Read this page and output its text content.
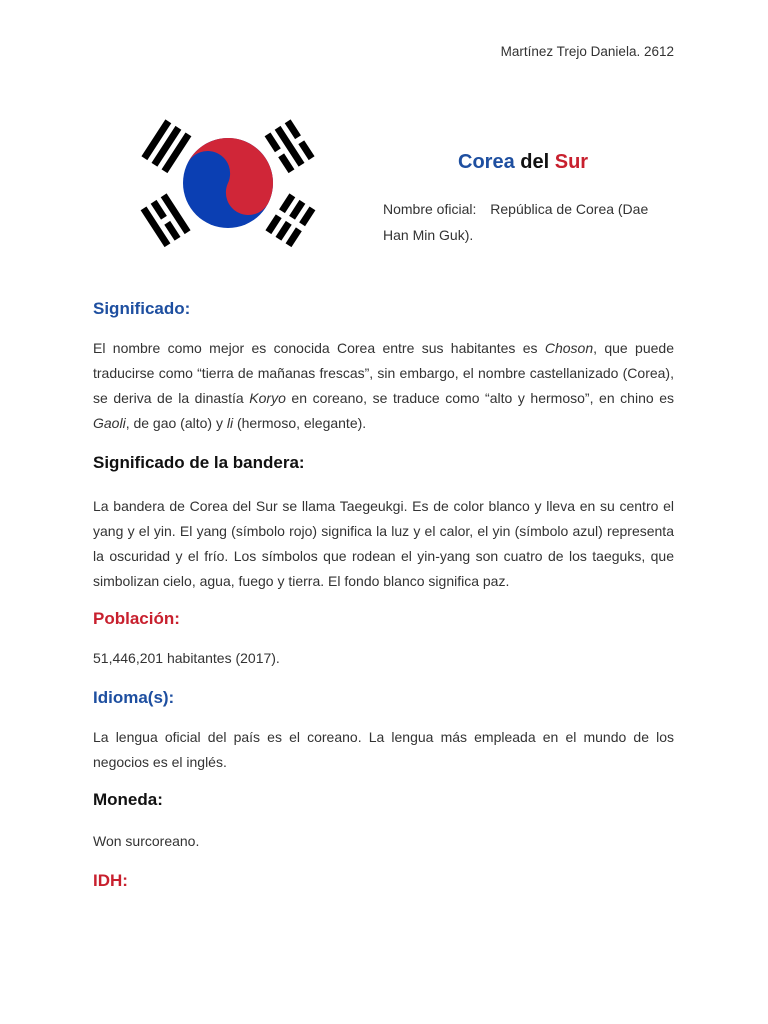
Martínez Trejo Daniela. 2612
Corea del Sur
Nombre oficial: República de Corea (Dae Han Min Guk).
Significado:

El nombre como mejor es conocida Corea entre sus habitantes es Choson, que puede traducirse como “tierra de mañanas frescas”, sin embargo, el nombre castellanizado (Corea), se deriva de la dinastía Koryo en coreano, se traduce como “alto y hermoso”, en chino es Gaoli, de gao (alto) y li (hermoso, elegante).

Significado de la bandera:

La bandera de Corea del Sur se llama Taegeukgi. Es de color blanco y lleva en su centro el yang y el yin. El yang (símbolo rojo) significa la luz y el calor, el yin (símbolo azul) representa la oscuridad y el frío. Los símbolos que rodean el yin-yang son cuatro de los taeguks, que simbolizan cielo, agua, fuego y tierra. El fondo blanco significa paz.

Población:

51,446,201 habitantes (2017).

Idioma(s):

La lengua oficial del país es el coreano. La lengua más empleada en el mundo de los negocios es el inglés.

Moneda:

Won surcoreano.

IDH:
